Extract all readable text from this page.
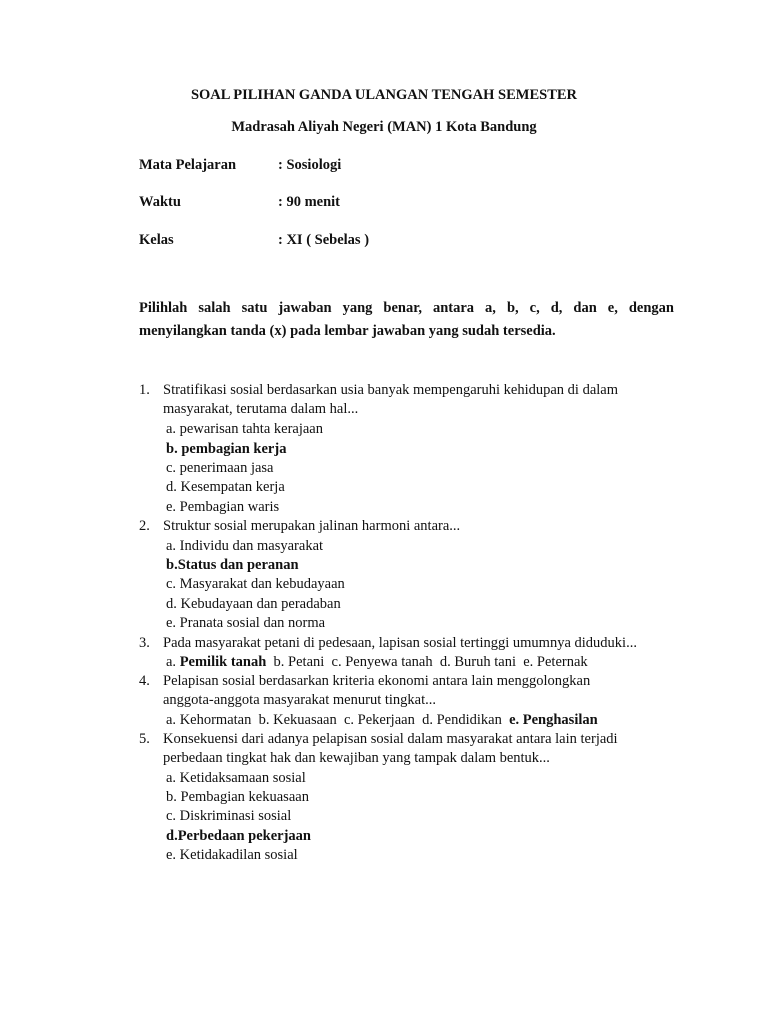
SOAL PILIHAN GANDA ULANGAN TENGAH SEMESTER
Madrasah Aliyah Negeri (MAN) 1 Kota Bandung
Mata Pelajaran	: Sosiologi
Waktu	: 90 menit
Kelas	: XI ( Sebelas )
Pilihlah salah satu jawaban yang benar, antara a, b, c, d, dan e, dengan
menyilangkan tanda (x) pada lembar jawaban yang sudah tersedia.
1. Stratifikasi sosial berdasarkan usia banyak mempengaruhi kehidupan di dalam
masyarakat, terutama dalam hal...
a. pewarisan tahta kerajaan
b. pembagian kerja
c. penerimaan jasa
d. Kesempatan kerja
e. Pembagian waris
2. Struktur sosial merupakan jalinan harmoni antara...
a. Individu dan masyarakat
b.Status dan peranan
c. Masyarakat dan kebudayaan
d. Kebudayaan dan peradaban
e. Pranata sosial dan norma
3. Pada masyarakat petani di pedesaan, lapisan sosial tertinggi umumnya diduduki...
a. Pemilik tanah b. Petani c. Penyewa tanah d. Buruh tani e. Peternak
4. Pelapisan sosial berdasarkan kriteria ekonomi antara lain menggolongkan
anggota-anggota masyarakat menurut tingkat...
a. Kehormatan b. Kekuasaan c. Pekerjaan d. Pendidikan e. Penghasilan
5. Konsekuensi dari adanya pelapisan sosial dalam masyarakat antara lain terjadi
perbedaan tingkat hak dan kewajiban yang tampak dalam bentuk...
a. Ketidaksamaan sosial
b. Pembagian kekuasaan
c. Diskriminasi sosial
d.Perbedaan pekerjaan
e. Ketidakadilan sosial
